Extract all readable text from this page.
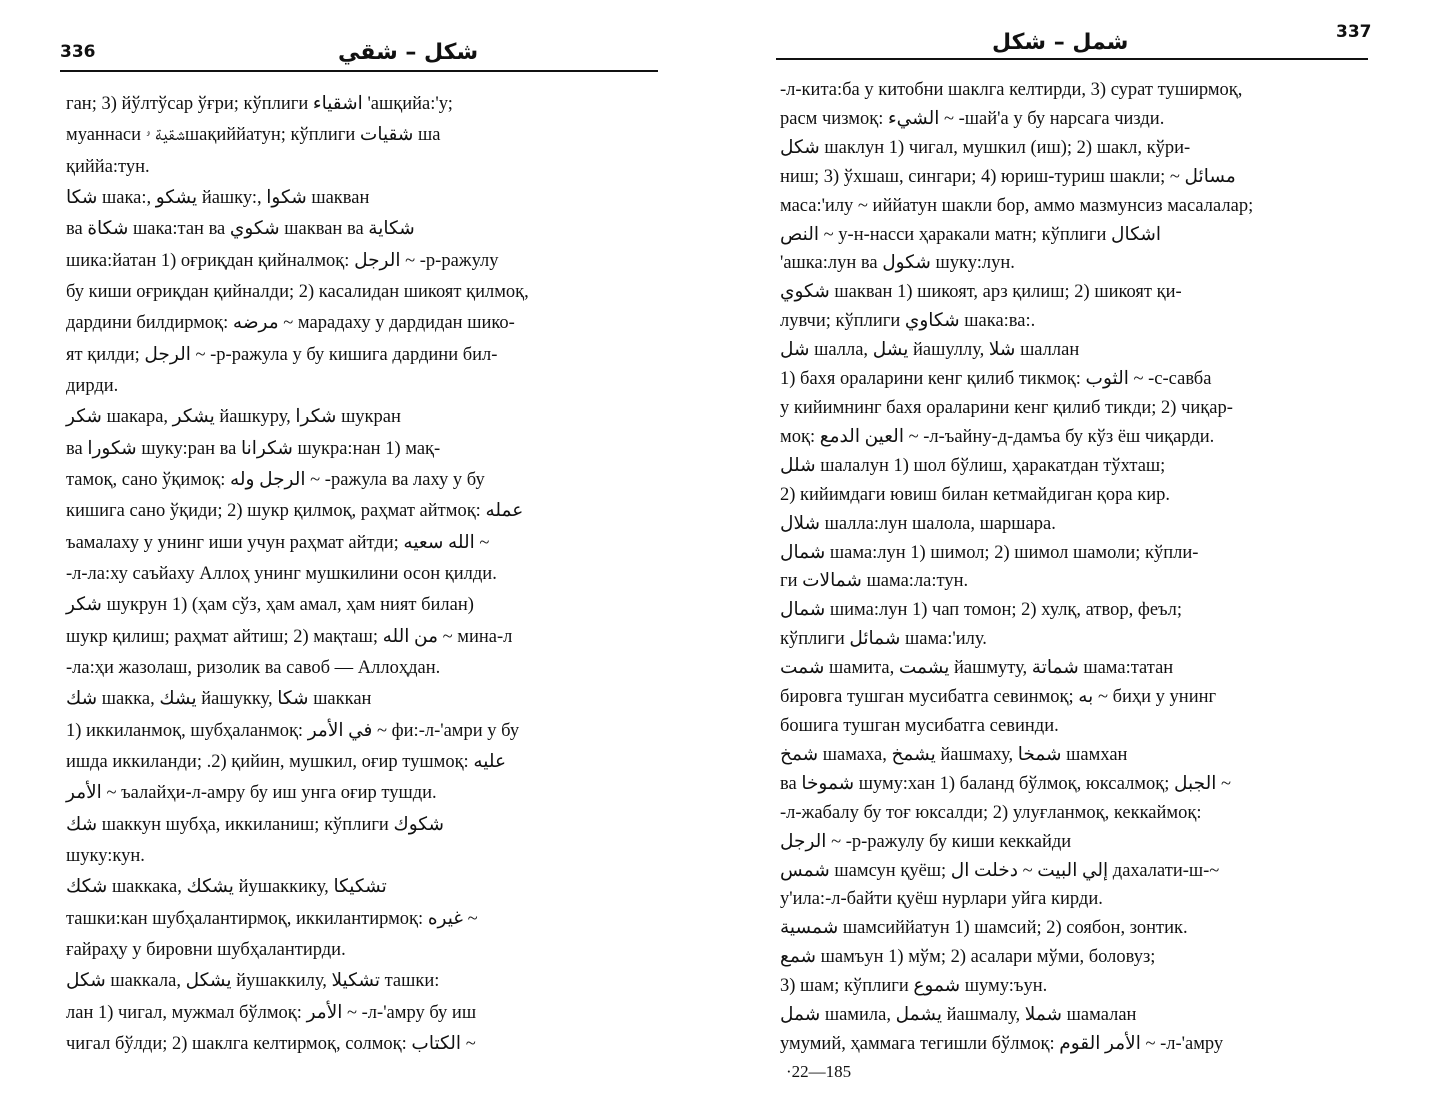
336	شكل – شقي
ган; 3) йўлтўсар ўғри; кўплиги اشقياء 'ашқийа:'у;
муаннаси شقية ۥшақиййатун; кўплиги شقيات ша
қиййа:тун.
شكا шака:, يشكو йашку:, شكوا шакван
ва شكاة шака:тан ва شكوي шакван ва شكاية
шика:йатан 1) оғриқдан қийналмоқ: الرجل ~ -р-ражулу
бу киши оғриқдан қийналди; 2) касалидан шикоят қилмоқ,
дардини билдирмоқ: مرضه ~ марадаху у дардидан шико-
ят қилди; الرجل ~ -р-ражула у бу кишига дардини бил-
дирди.
شكر шакара, يشكر йашкуру, شكرا шукран
ва شكورا шуку:ран ва شكرانا шукра:нан 1) мақ-
тамоқ, сано ўқимоқ: الرجل وله ~ -ражула ва лаху у бу
кишига сано ўқиди; 2) шукр қилмоқ, раҳмат айтмоқ: عمله
ъамалаху у унинг иши учун раҳмат айтди; الله سعيه ~
-л-ла:ху саъйаху Аллоҳ унинг мушкилини осон қилди.
شكر шукрун 1) (ҳам сўз, ҳам амал, ҳам ният билан)
шукр қилиш; раҳмат айтиш; 2) мақташ; من الله ~ мина-л
-ла:ҳи жазолаш, ризолик ва савоб — Аллоҳдан.
شك шакка, يشك йашукку, شكا шаккан
1) иккиланмоқ, шубҳаланмоқ: في الأمر ~ фи:-л-'амри у бу
ишда иккиланди; .2) қийин, мушкил, оғир тушмоқ: عليه
الأمر ~ ъалайҳи-л-амру бу иш унга оғир тушди.
شك шаккун шубҳа, иккиланиш; кўплиги شكوك
шуку:кун.
شكك шаккака, يشكك йушаккику, تشكيكا
ташки:кан шубҳалантирмоқ, иккилантирмоқ: غيره ~
ғайраҳу у бировни шубҳалантирди.
شكل шаккала, يشكل йушаккилу, تشكيلا ташки:
лан 1) чигал, мужмал бўлмоқ: الأمر ~ -л-'амру бу иш
чигал бўлди; 2) шаклга келтирмоқ, солмоқ: الكتاب ~
شمل – شكل	337
-л-кита:ба у китобни шаклга келтирди, 3) сурат туширмоқ,
расм чизмоқ: الشيء ~ -шай'а у бу нарсага чизди.
شكل шаклун 1) чигал, мушкил (иш); 2) шакл, кўри-
ниш; 3) ўхшаш, сингари; 4) юриш-туриш шакли; ~ مسائل
маса:'илу ~ иййатун шакли бор, аммо мазмунсиз масалалар;
النص ~ у-н-насси ҳаракали матн; кўплиги اشكال
'ашка:лун ва شكول шуку:лун.
شكوي шакван 1) шикоят, арз қилиш; 2) шикоят қи-
лувчи; кўплиги شكاوي шака:ва:.
شل шалла, يشل йашуллу, شلا шаллан
1) бахя ораларини кенг қилиб тикмоқ: الثوب ~ -с-савба
у кийимнинг бахя ораларини кенг қилиб тикди; 2) чиқар-
моқ: العين الدمع ~ -л-ъайну-д-дамъа бу кўз ёш чиқарди.
شلل шалалун 1) шол бўлиш, ҳаракатдан тўхташ;
2) кийимдаги ювиш билан кетмайдиган қора кир.
شلال шалла:лун шалола, шаршара.
شمال шама:лун 1) шимол; 2) шимол шамоли; кўпли-
ги شمالات шама:ла:тун.
شمال шима:лун 1) чап томон; 2) хулқ, атвор, феъл;
кўплиги شمائل шама:'илу.
شمت шамита, يشمت йашмуту, شماتة шама:татан
бировга тушган мусибатга севинмоқ; به ~ биҳи у унинг
бошига тушган мусибатга севинди.
شمخ шамаха, يشمخ йашмаху, شمخا шамхан
ва شموخا шуму:хан 1) баланд бўлмоқ, юксалмоқ; الجبل ~
-л-жабалу бу тоғ юксалди; 2) улуғланмоқ, кеккаймоқ:
الرجل ~ -р-ражулу бу киши кеккайди
شمس шамсун қуёш; إلي البيت ~ دخلت ال дахалати-ш-~
у'ила:-л-байти қуёш нурлари уйга кирди.
شمسية шамсиййатун 1) шамсий; 2) соябон, зонтик.
شمع шамъун 1) мўм; 2) асалари мўми, боловуз;
3) шам; кўплиги شموع шуму:ъун.
شمل шамила, يشمل йашмалу, شملا шамалан
умумий, ҳаммага тегишли бўлмоқ: الأمر القوم ~ -л-'амру
·22—185
